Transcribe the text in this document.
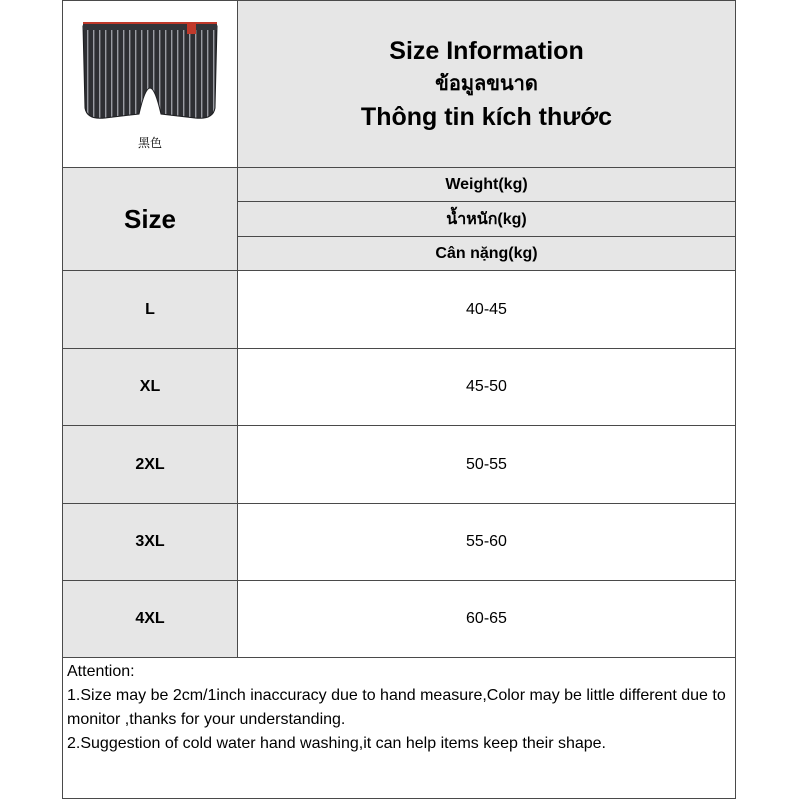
黑色
Size Information
ข้อมูลขนาด
Thông tin kích thước
Size
Weight(kg)
น้ำหนัก(kg)
Cân nặng(kg)
L	40-45
XL	45-50
2XL	50-55
3XL	55-60
4XL	60-65

Attention:

1.Size may be 2cm/1inch inaccuracy due to hand measure,Color may be little different due to monitor ,thanks for your understanding.

2.Suggestion of cold water hand washing,it can help items keep their shape.
